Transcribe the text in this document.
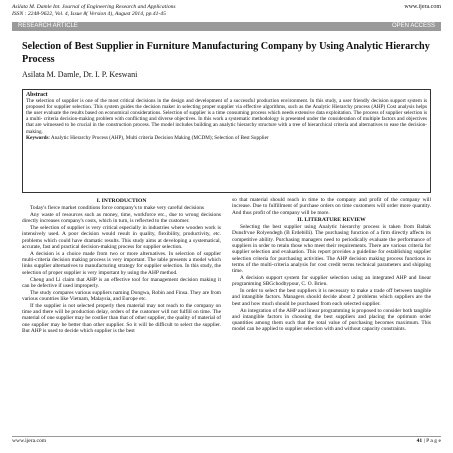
Asilata M. Damle Int. Journal of Engineering Research and Applications
ISSN : 2248-9622, Vol. 4, Issue 8( Version 4), August 2014, pp.41-45
www.ijera.com
RESEARCH ARTICLE	OPEN ACCESS
Selection of Best Supplier in Furniture Manufacturing Company by Using Analytic Hierarchy Process
Asilata M. Damle, Dr. I. P. Keswani
Abstract
The selection of supplier is one of the most critical decisions in the design and development of a successful production environment. In this study, a user friendly decision support system is proposed for supplier selection. This system guides the decision maker in selecting proper supplier via effective algorithms, such as the Analytic Hierarchy process (AHP) Cost analysis helps the user evaluate the results based on economical considerations. Selection of supplier is a time consuming process which needs extensive data exploitation. The process of supplier selection is a multi- criteria decision-making problem with conflicting and diverse objectives. In this work a systematic methodology is presented under the consideration of multiple factors and objectives that are witnessed to be crucial in the construction process. The model includes building an analytic hierarchy structure with a tree of hierarchical criteria and alternatives to ease the decision-making.
Keywords: Analytic Hierarchy Process (AHP), Multi criteria Decision Making (MCDM); Selection of Best Supplier
I. INTRODUCTION

Today's fierce market conditions force company's to make very careful decisions

Any waste of resources such as money, time, workforce etc., due to wrong decisions directly increases company's costs, which in turn, is reflected to the customer.

The selection of supplier is very critical especially in industries where wooden work is intensively used. A poor decision would result in quality, flexibility, productivity, etc. problems which could have dramatic results. This study aims at developing a systematical, accurate, fast and practical decision-making process for supplier selection.

A decision is a choice made from two or more alternatives. In selection of supplier multi-criteria decision making process is very important. The table presents a model which links supplier alternatives to manufacturing strategy for supplier selection. In this study, the selection of proper supplier is very important by using the AHP method.

Cheng and Li claim that AHP is an effective tool for management decision making it can be defective if used improperly.

The study compares various suppliers naming Dongwa, Robin and Finsa. They are from various countries like Vietnam, Malaysia, and Europe etc.

If the supplier is not selected properly then material may not reach to the company on time and there will be production delay, orders of the customer will not fulfill on time. The material of one supplier may be costlier than that of other supplier, the quality of material of one supplier may be better than other supplier. So it will be difficult to select the supplier. But AHP is used to decide which supplier is the best

so that material should reach in time to the company and profit of the company will increase. Due to fulfillment of purchase orders on time customers will order more quantity. And thus profit of the company will be more.

II. LITERATURE REVIEW

Selecting the best supplier using Analytic hierarchy process is taken from Baltak Dunsfrvue Rolyendegh (B Erdebilli). The purchasing function of a firm directly affects its competitive ability. Purchasing managers need to periodically evaluate the performance of suppliers in order to retain those who meet their requirements. There are various criteria for supplier selection and evaluation. This report provides a guideline for establishing supplier selection criteria for purchasing activities. The AHP decision making process functions in terms of the multi-criteria analysis for cost credit terms technical parameters and shipping time.

A decision support system for supplier selection using an integrated AHP and linear programming SBGchodbypour, C. O. Brien.

In order to select the best suppliers it is necessary to make a trade off between tangible and intangible factors. Managers should decide about 2 problems which suppliers are the best and how much should be purchased from each selected supplier.

An integration of the AHP and linear programming is proposed to consider both tangible and intangible factors in choosing the best suppliers and placing the optimum order quantities among them such that the total value of purchasing becomes maximum. This model can be applied to supplier selection with and without capacity constraints.

www.ijera.com	41 | P a g e
